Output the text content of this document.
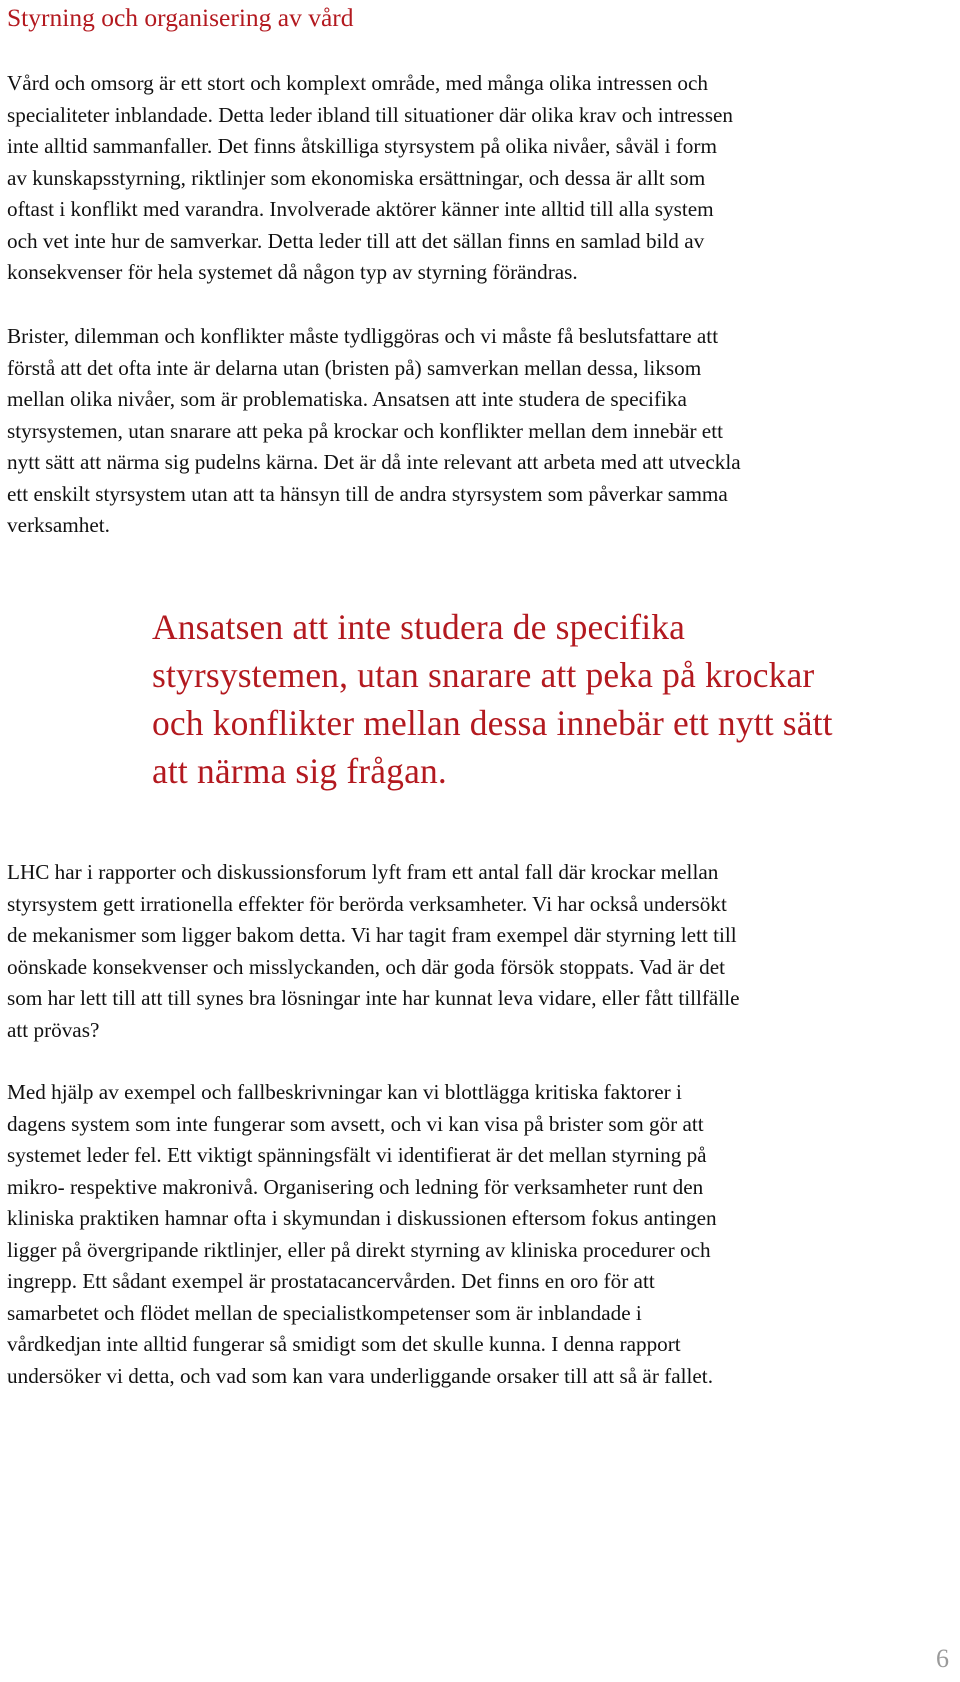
Styrning och organisering av vård
Vård och omsorg är ett stort och komplext område, med många olika intressen och
specialiteter inblandade. Detta leder ibland till situationer där olika krav och intressen
inte alltid sammanfaller. Det finns åtskilliga styrsystem på olika nivåer, såväl i form
av kunskapsstyrning, riktlinjer som ekonomiska ersättningar, och dessa är allt som
oftast i konflikt med varandra. Involverade aktörer känner inte alltid till alla system
och vet inte hur de samverkar. Detta leder till att det sällan finns en samlad bild av
konsekvenser för hela systemet då någon typ av styrning förändras.
Brister, dilemman och konflikter måste tydliggöras och vi måste få beslutsfattare att
förstå att det ofta inte är delarna utan (bristen på) samverkan mellan dessa, liksom
mellan olika nivåer, som är problematiska. Ansatsen att inte studera de specifika
styrsystemen, utan snarare att peka på krockar och konflikter mellan dem innebär ett
nytt sätt att närma sig pudelns kärna. Det är då inte relevant att arbeta med att utveckla
ett enskilt styrsystem utan att ta hänsyn till de andra styrsystem som påverkar samma
verksamhet.
Ansatsen att inte studera de specifika
styrsystemen, utan snarare att peka på krockar
och konflikter mellan dessa innebär ett nytt sätt
att närma sig frågan.
LHC har i rapporter och diskussionsforum lyft fram ett antal fall där krockar mellan
styrsystem gett irrationella effekter för berörda verksamheter. Vi har också undersökt
de mekanismer som ligger bakom detta. Vi har tagit fram exempel där styrning lett till
oönskade konsekvenser och misslyckanden, och där goda försök stoppats. Vad är det
som har lett till att till synes bra lösningar inte har kunnat leva vidare, eller fått tillfälle
att prövas?
Med hjälp av exempel och fallbeskrivningar kan vi blottlägga kritiska faktorer i
dagens system som inte fungerar som avsett, och vi kan visa på brister som gör att
systemet leder fel. Ett viktigt spänningsfält vi identifierat är det mellan styrning på
mikro- respektive makronivå. Organisering och ledning för verksamheter runt den
kliniska praktiken hamnar ofta i skymundan i diskussionen eftersom fokus antingen
ligger på övergripande riktlinjer, eller på direkt styrning av kliniska procedurer och
ingrepp. Ett sådant exempel är prostatacancervården. Det finns en oro för att
samarbetet och flödet mellan de specialistkompetenser som är inblandade i
vårdkedjan inte alltid fungerar så smidigt som det skulle kunna. I denna rapport
undersöker vi detta, och vad som kan vara underliggande orsaker till att så är fallet.
6
